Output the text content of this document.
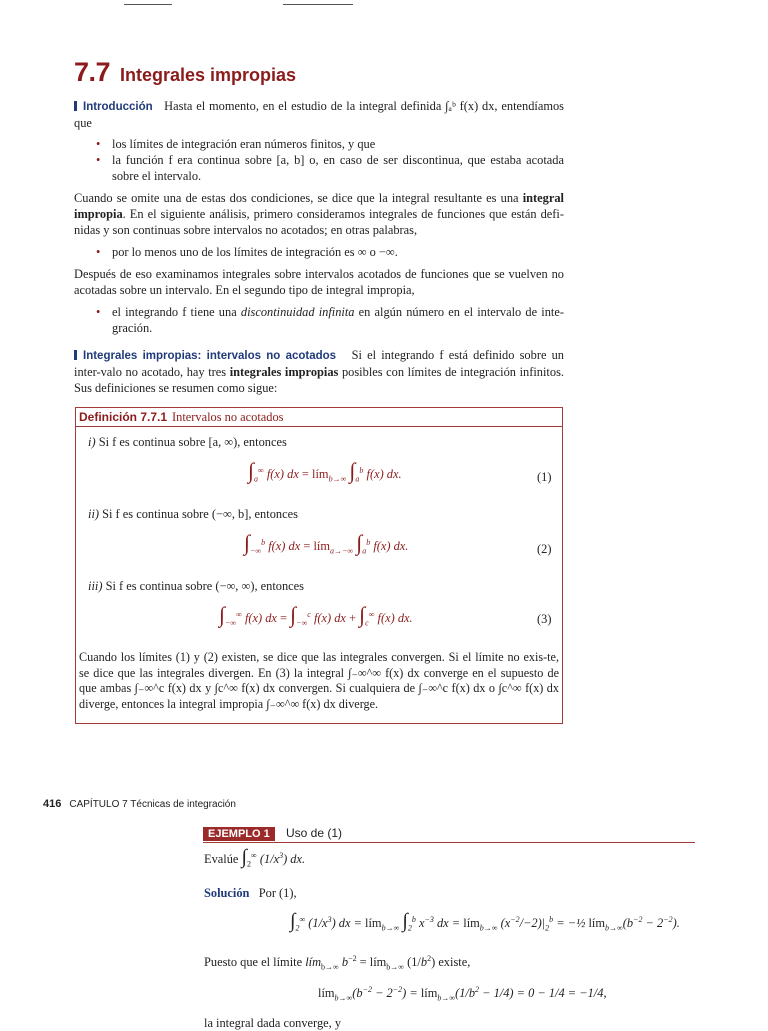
7.7 Integrales impropias
Introducción Hasta el momento, en el estudio de la integral definida ∫ₐᵇ f(x) dx, entendíamos que
• los límites de integración eran números finitos, y que
• la función f era continua sobre [a, b] o, en caso de ser discontinua, que estaba acotada sobre el intervalo.
Cuando se omite una de estas dos condiciones, se dice que la integral resultante es una integral impropia. En el siguiente análisis, primero consideramos integrales de funciones que están defi-nidas y son continuas sobre intervalos no acotados; en otras palabras,
• por lo menos uno de los límites de integración es ∞ o −∞.
Después de eso examinamos integrales sobre intervalos acotados de funciones que se vuelven no acotadas sobre un intervalo. En el segundo tipo de integral impropia,
• el integrando f tiene una discontinuidad infinita en algún número en el intervalo de inte-gración.
Integrales impropias: intervalos no acotados Si el integrando f está definido sobre un inter-valo no acotado, hay tres integrales impropias posibles con límites de integración infinitos. Sus definiciones se resumen como sigue:
Definición 7.7.1 Intervalos no acotados
i) Si f es continua sobre [a, ∞), entonces
$\int_a^\infty$ f(x) dx = lím$_{b\to\infty}$ $\int_a^b$ f(x) dx.	(1)
ii) Si f es continua sobre (−∞, b], entonces
$\int_{-\infty}^b$ f(x) dx = lím$_{a\to-\infty}$ $\int_a^b$ f(x) dx.	(2)
iii) Si f es continua sobre (−∞, ∞), entonces
$\int_{-\infty}^\infty$ f(x) dx = $\int_{-\infty}^c$ f(x) dx + $\int_c^\infty$ f(x) dx.	(3)
Cuando los límites (1) y (2) existen, se dice que las integrales convergen. Si el límite no exis-te, se dice que las integrales divergen. En (3) la integral ∫₋∞^∞ f(x) dx converge en el supuesto de que ambas ∫₋∞^c f(x) dx y ∫c^∞ f(x) dx convergen. Si cualquiera de ∫₋∞^c f(x) dx o ∫c^∞ f(x) dx diverge, entonces la integral impropia ∫₋∞^∞ f(x) dx diverge.
416 CAPÍTULO 7 Técnicas de integración
EJEMPLO 1	Uso de (1)
Evalúe $\int_2^\infty$ $(1/x^3)$ dx.
Solución Por (1),
$\int_2^\infty$ $(1/x^3)$ dx = lím$_{b\to\infty}$ $\int_2^b$ $x^{-3}$ dx = lím$_{b\to\infty}$ $(x^{-2}/-2)|_2^b$ = −½ $lím_{b\to\infty}(b^{-2} - 2^{-2})$.
Puesto que el límite lím$_{b\to\infty}$ $b^{-2}$ = lím$_{b\to\infty}$ $(1/b^2)$ existe,
$lím_{b\to\infty}(b^{-2} - 2^{-2})$ = $lím_{b\to\infty}(1/b^2 - 1/4) = 0 - 1/4 = -1/4$,
la integral dada converge, y
